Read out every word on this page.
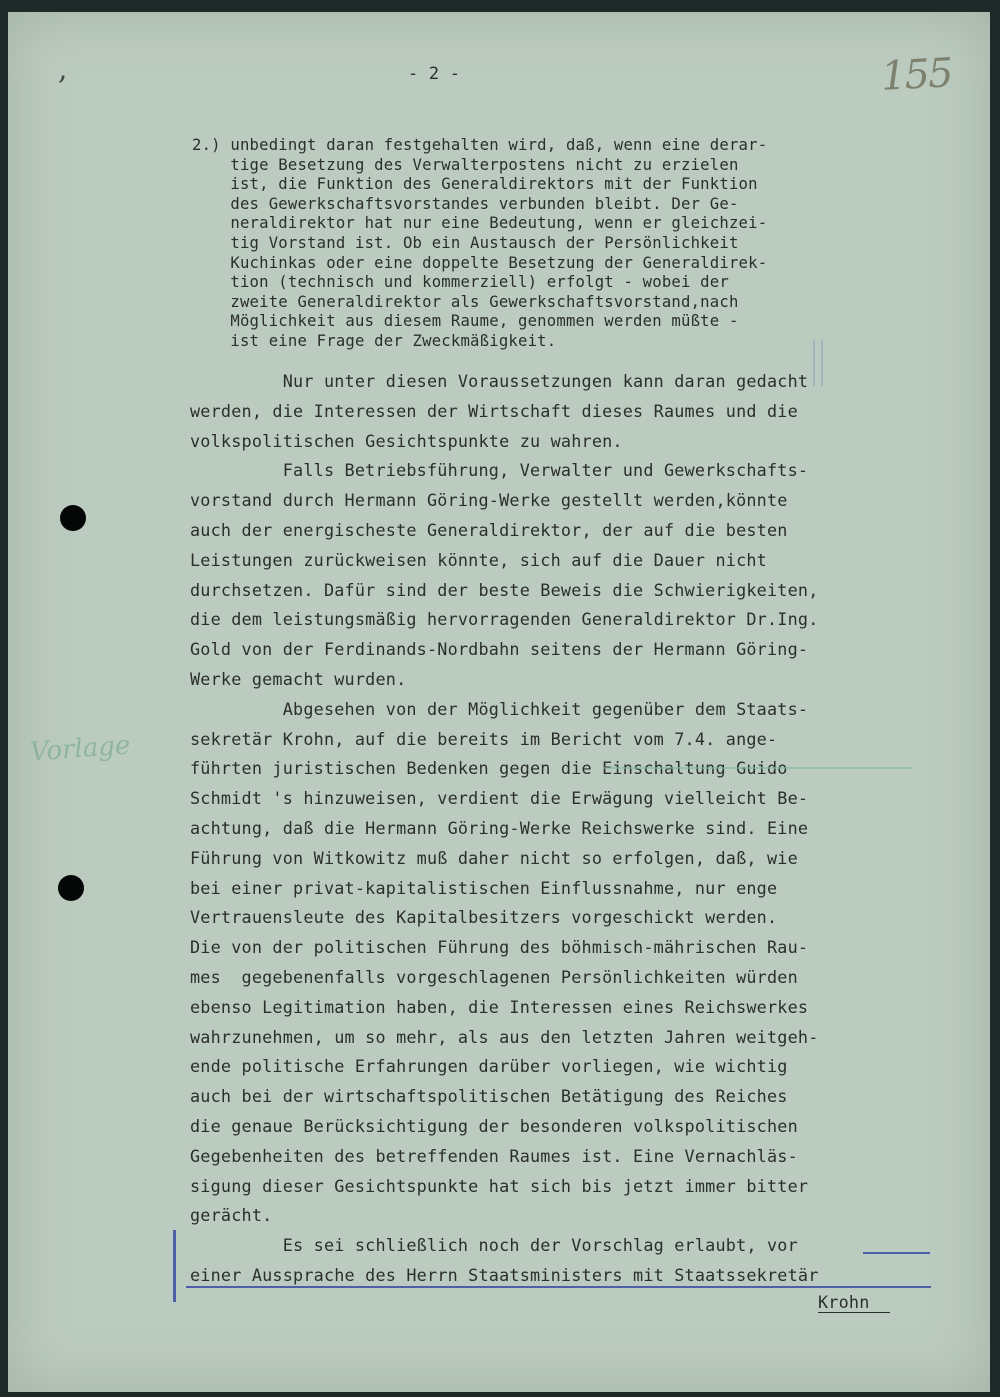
,	- 2 -	155
Vorlage
2.) unbedingt daran festgehalten wird, daß, wenn eine derar-
tige Besetzung des Verwalterpostens nicht zu erzielen
ist, die Funktion des Generaldirektors mit der Funktion
des Gewerkschaftsvorstandes verbunden bleibt. Der Ge-
neraldirektor hat nur eine Bedeutung, wenn er gleichzei-
tig Vorstand ist. Ob ein Austausch der Persönlichkeit
Kuchinkas oder eine doppelte Besetzung der Generaldirek-
tion (technisch und kommerziell) erfolgt - wobei der
zweite Generaldirektor als Gewerkschaftsvorstand,nach
Möglichkeit aus diesem Raume, genommen werden müßte -
ist eine Frage der Zweckmäßigkeit.
Nur unter diesen Voraussetzungen kann daran gedacht
werden, die Interessen der Wirtschaft dieses Raumes und die
volkspolitischen Gesichtspunkte zu wahren.
Falls Betriebsführung, Verwalter und Gewerkschafts-
vorstand durch Hermann Göring-Werke gestellt werden,könnte
auch der energischeste Generaldirektor, der auf die besten
Leistungen zurückweisen könnte, sich auf die Dauer nicht
durchsetzen. Dafür sind der beste Beweis die Schwierigkeiten,
die dem leistungsmäßig hervorragenden Generaldirektor Dr.Ing.
Gold von der Ferdinands-Nordbahn seitens der Hermann Göring-
Werke gemacht wurden.
Abgesehen von der Möglichkeit gegenüber dem Staats-
sekretär Krohn, auf die bereits im Bericht vom 7.4. ange-
führten juristischen Bedenken gegen die Einschaltung Guido
Schmidt 's hinzuweisen, verdient die Erwägung vielleicht Be-
achtung, daß die Hermann Göring-Werke Reichswerke sind. Eine
Führung von Witkowitz muß daher nicht so erfolgen, daß, wie
bei einer privat-kapitalistischen Einflussnahme, nur enge
Vertrauensleute des Kapitalbesitzers vorgeschickt werden.
Die von der politischen Führung des böhmisch-mährischen Rau-
mes  gegebenenfalls vorgeschlagenen Persönlichkeiten würden
ebenso Legitimation haben, die Interessen eines Reichswerkes
wahrzunehmen, um so mehr, als aus den letzten Jahren weitgeh-
ende politische Erfahrungen darüber vorliegen, wie wichtig
auch bei der wirtschaftspolitischen Betätigung des Reiches
die genaue Berücksichtigung der besonderen volkspolitischen
Gegebenheiten des betreffenden Raumes ist. Eine Vernachläs-
sigung dieser Gesichtspunkte hat sich bis jetzt immer bitter
gerächt.
Es sei schließlich noch der Vorschlag erlaubt, vor
einer Aussprache des Herrn Staatsministers mit Staatssekretär
Krohn
